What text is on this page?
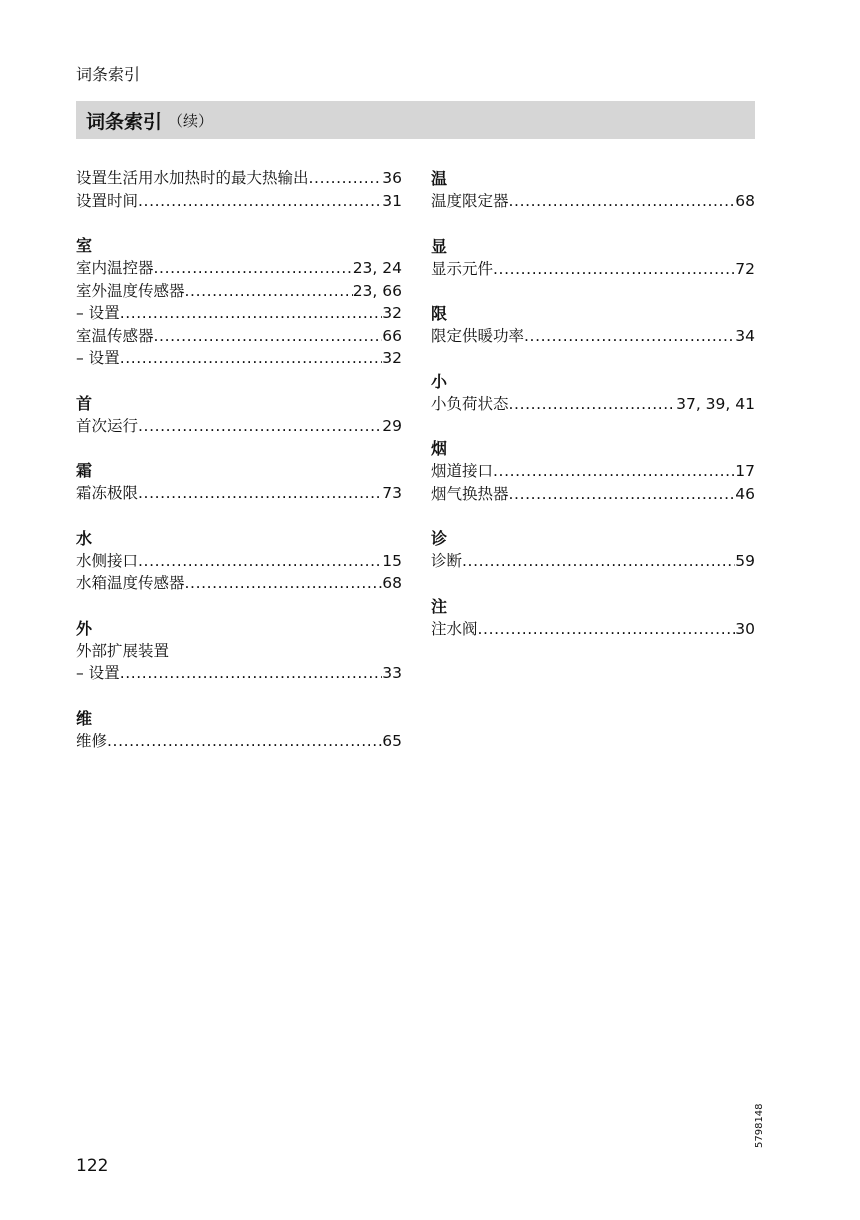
词条索引
词条索引 （续）
设置生活用水加热时的最大热输出 .....	36
设置时间 .....	31
室
室内温控器 .....	23, 24
室外温度传感器 .....	23, 66
– 设置 .....	32
室温传感器 .....	66
– 设置 .....	32
首
首次运行 .....	29
霜
霜冻极限 .....	73
水
水侧接口 .....	15
水箱温度传感器 .....	68
外
外部扩展装置
– 设置 .....	33
维
维修 .....	65
温
温度限定器 .....	68
显
显示元件 .....	72
限
限定供暖功率 .....	34
小
小负荷状态 .....	37, 39, 41
烟
烟道接口 .....	17
烟气换热器 .....	46
诊
诊断 .....	59
注
注水阀 .....	30
122
5798148
